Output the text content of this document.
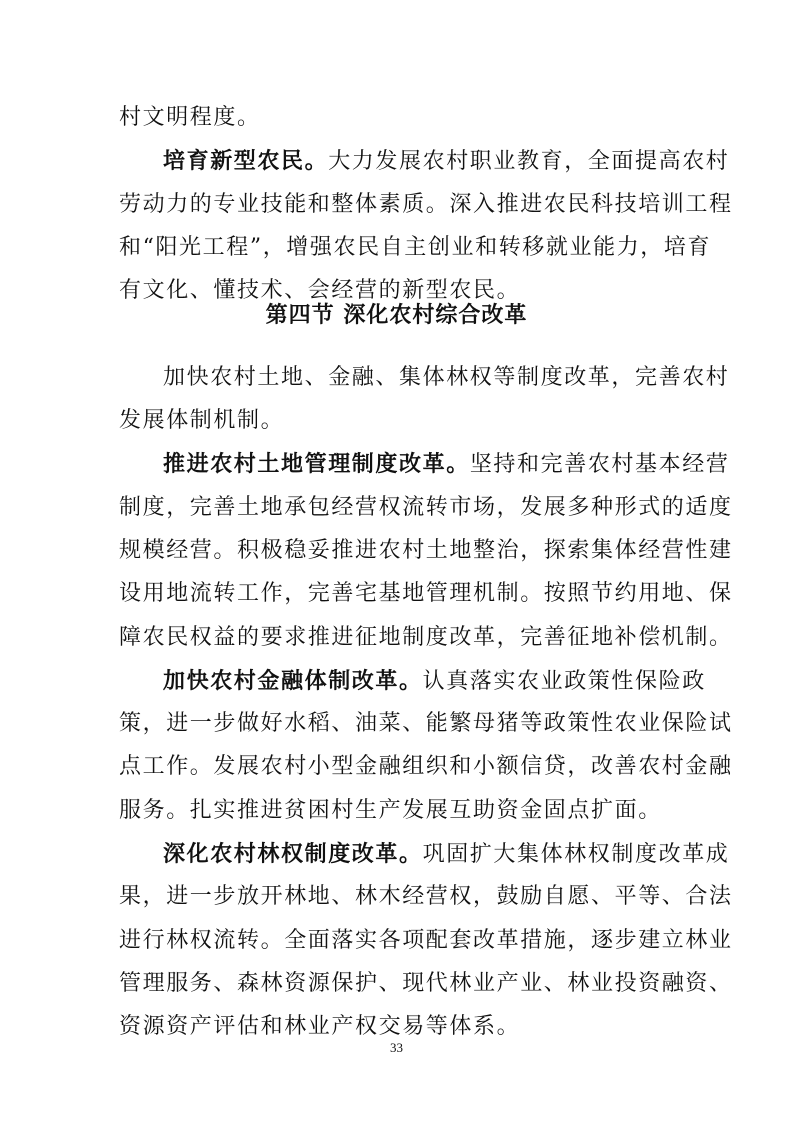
村文明程度。
培育新型农民。大力发展农村职业教育，全面提高农村
劳动力的专业技能和整体素质。深入推进农民科技培训工程
和“阳光工程”，增强农民自主创业和转移就业能力，培育
有文化、懂技术、会经营的新型农民。
第四节 深化农村综合改革
加快农村土地、金融、集体林权等制度改革，完善农村
发展体制机制。
推进农村土地管理制度改革。坚持和完善农村基本经营
制度，完善土地承包经营权流转市场，发展多种形式的适度
规模经营。积极稳妥推进农村土地整治，探索集体经营性建
设用地流转工作，完善宅基地管理机制。按照节约用地、保
障农民权益的要求推进征地制度改革，完善征地补偿机制。
加快农村金融体制改革。认真落实农业政策性保险政
策，进一步做好水稻、油菜、能繁母猪等政策性农业保险试
点工作。发展农村小型金融组织和小额信贷，改善农村金融
服务。扎实推进贫困村生产发展互助资金固点扩面。
深化农村林权制度改革。巩固扩大集体林权制度改革成
果，进一步放开林地、林木经营权，鼓励自愿、平等、合法
进行林权流转。全面落实各项配套改革措施，逐步建立林业
管理服务、森林资源保护、现代林业产业、林业投资融资、
资源资产评估和林业产权交易等体系。
33
